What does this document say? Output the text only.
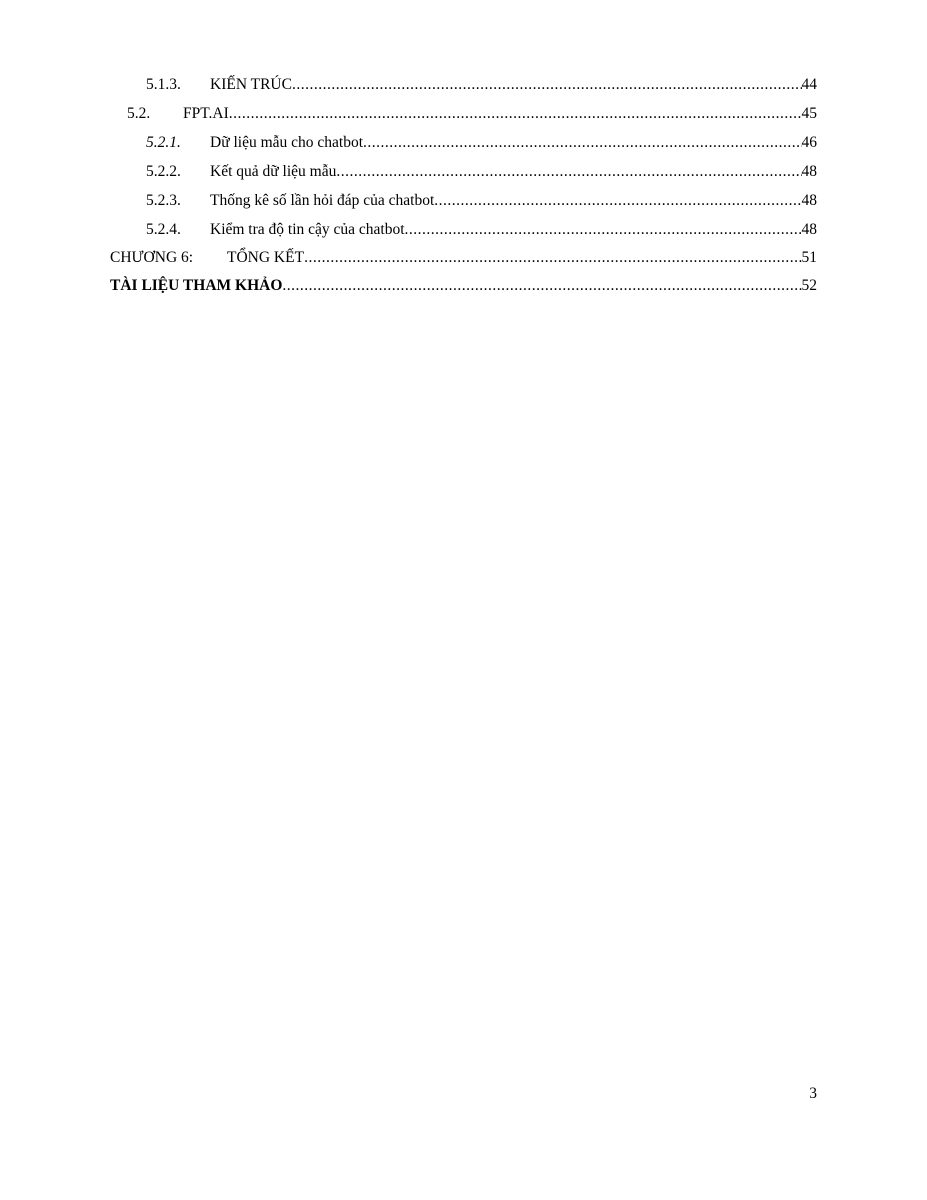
5.1.3. KIẾN TRÚC .....	44
5.2. FPT.AI .....	45
5.2.1. Dữ liệu mẫu cho chatbot .....	46
5.2.2. Kết quả dữ liệu mẫu .....	48
5.2.3. Thống kê số lần hỏi đáp của chatbot .....	48
5.2.4. Kiểm tra độ tin cậy của chatbot .....	48
CHƯƠNG 6: TỔNG KẾT .....	51
TÀI LIỆU THAM KHẢO .....	52
3
